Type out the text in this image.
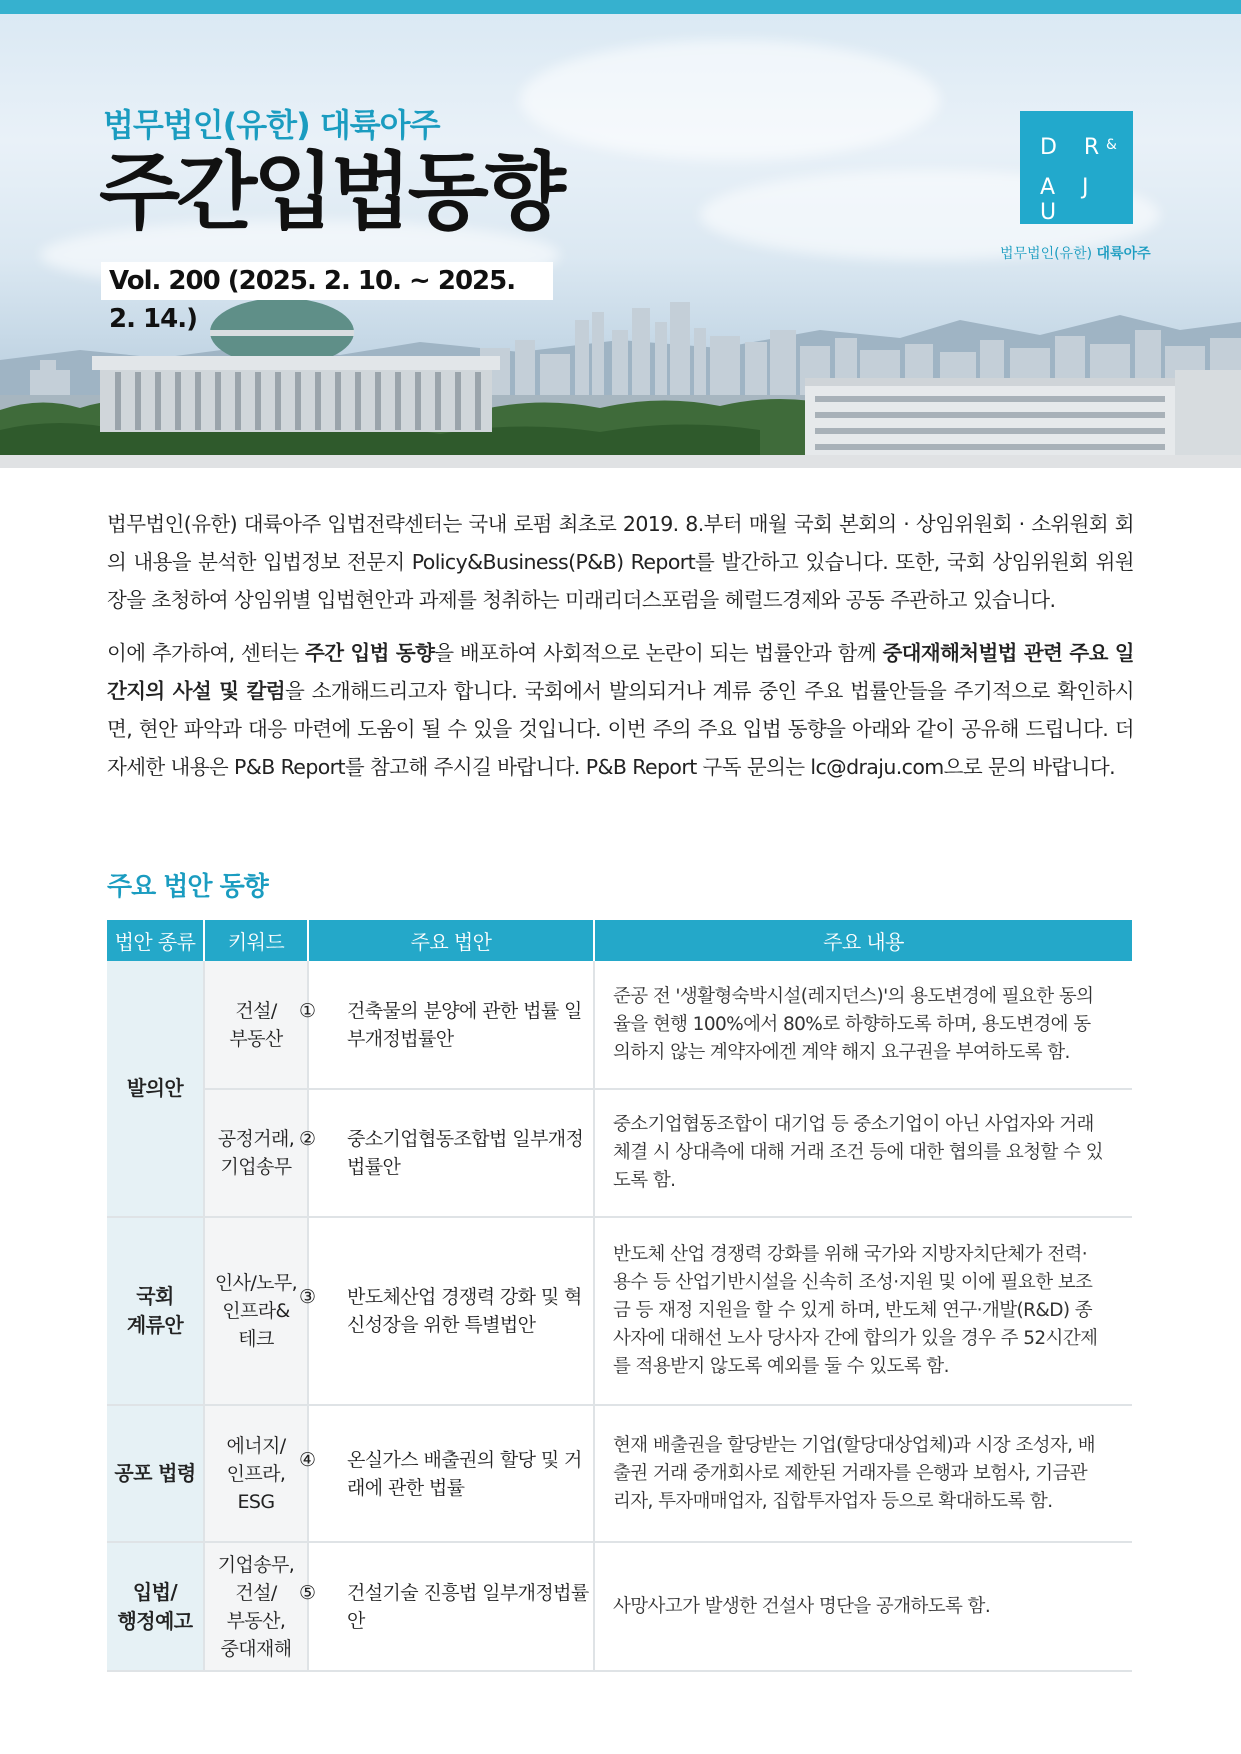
법무법인(유한) 대륙아주
주간입법동향
Vol. 200 (2025. 2. 10. ~ 2025. 2. 14.)
D R
&
A J U
법무법인(유한) 대륙아주

법무법인(유한) 대륙아주 입법전략센터는 국내 로펌 최초로 2019. 8.부터 매월 국회 본회의 · 상임위원회 · 소위원회 회의 내용을 분석한 입법정보 전문지 Policy&Business(P&B) Report를 발간하고 있습니다. 또한, 국회 상임위원회 위원장을 초청하여 상임위별 입법현안과 과제를 청취하는 미래리더스포럼을 헤럴드경제와 공동 주관하고 있습니다.

이에 추가하여, 센터는 주간 입법 동향을 배포하여 사회적으로 논란이 되는 법률안과 함께 중대재해처벌법 관련 주요 일간지의 사설 및 칼럼을 소개해드리고자 합니다. 국회에서 발의되거나 계류 중인 주요 법률안들을 주기적으로 확인하시면, 현안 파악과 대응 마련에 도움이 될 수 있을 것입니다. 이번 주의 주요 입법 동향을 아래와 같이 공유해 드립니다. 더 자세한 내용은 P&B Report를 참고해 주시길 바랍니다. P&B Report 구독 문의는 lc@draju.com으로 문의 바랍니다.

주요 법안 동향
법안 종류	키워드	주요 법안	주요 내용
발의안	건설/
부동산	① 건축물의 분양에 관한 법률 일부개정법률안	준공 전 '생활형숙박시설(레지던스)'의 용도변경에 필요한 동의율을 현행 100%에서 80%로 하향하도록 하며, 용도변경에 동의하지 않는 계약자에겐 계약 해지 요구권을 부여하도록 함.
	공정거래,
기업송무	② 중소기업협동조합법 일부개정법률안	중소기업협동조합이 대기업 등 중소기업이 아닌 사업자와 거래 체결 시 상대측에 대해 거래 조건 등에 대한 협의를 요청할 수 있도록 함.
국회
계류안	인사/노무,
인프라&
테크	③ 반도체산업 경쟁력 강화 및 혁신성장을 위한 특별법안	반도체 산업 경쟁력 강화를 위해 국가와 지방자치단체가 전력·용수 등 산업기반시설을 신속히 조성·지원 및 이에 필요한 보조금 등 재정 지원을 할 수 있게 하며, 반도체 연구·개발(R&D) 종사자에 대해선 노사 당사자 간에 합의가 있을 경우 주 52시간제를 적용받지 않도록 예외를 둘 수 있도록 함.
공포 법령	에너지/
인프라,
ESG	④ 온실가스 배출권의 할당 및 거래에 관한 법률	현재 배출권을 할당받는 기업(할당대상업체)과 시장 조성자, 배출권 거래 중개회사로 제한된 거래자를 은행과 보험사, 기금관리자, 투자매매업자, 집합투자업자 등으로 확대하도록 함.
입법/
행정예고	기업송무,
건설/
부동산,
중대재해	⑤ 건설기술 진흥법 일부개정법률안	사망사고가 발생한 건설사 명단을 공개하도록 함.
